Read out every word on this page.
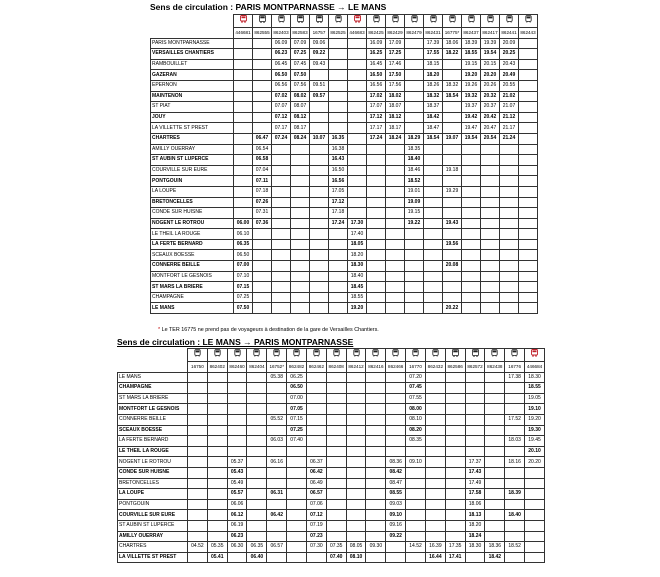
Sens de circulation : PARIS MONTPARNASSE → LE MANS

	446681	862555	862403	862583	16757	862525	446683	862425	862429	862479	862431	16775*	862437	862417	862441	862443
PARIS MONTPARNASSE			06.09	07.09	09.06			16.09	17.09		17.39	18.06	18.39	19.39	20.09	
VERSAILLES CHANTIERS			06.23	07.25	09.22			16.25	17.25		17.55	18.22	18.55	19.54	20.25	
RAMBOUILLET			06.45	07.45	09.43			16.45	17.46		18.15		19.15	20.15	20.43	
GAZERAN			06.50	07.50				16.50	17.50		18.20		19.20	20.20	20.49	
EPERNON			06.56	07.56	09.51			16.56	17.56		18.26	18.32	19.26	20.26	20.55	
MAINTENON			07.02	08.02	09.57			17.02	18.02		18.32	18.54	19.32	20.32	21.02	
ST PIAT			07.07	08.07				17.07	18.07		18.37		19.37	20.37	21.07	
JOUY			07.12	08.12				17.12	18.12		18.42		19.42	20.42	21.12	
LA VILLETTE ST PREST			07.17	08.17				17.17	18.17		18.47		19.47	20.47	21.17	
CHARTRES		06.47	07.24	08.24	10.07	16.35		17.24	18.24	18.29	18.54	19.07	19.54	20.54	21.24	
AMILLY OUERRAY		06.54				16.38				18.35						
ST AUBIN ST LUPERCE		06.58				16.43				18.40						
COURVILLE SUR EURE		07.04				16.50				18.46		19.18				
PONTGOUIN		07.11				16.56				18.52						
LA LOUPE		07.18				17.05				19.01		19.29				
BRETONCELLES		07.26				17.12				19.09						
CONDE SUR HUISNE		07.31				17.18				19.15						
NOGENT LE ROTROU	06.00	07.36				17.24	17.30			19.22		19.43				
LE THEIL LA ROUGE	06.10						17.40									
LA FERTE BERNARD	06.35						18.05					19.56				
SCEAUX BOESSE	06.50						18.20									
CONNERRE BEILLE	07.00						18.30					20.08				
MONTFORT LE GESNOIS	07.10						18.40									
ST MARS LA BRIERE	07.15						18.45									
CHAMPAGNE	07.25						18.55									
LE MANS	07.50						19.20					20.22				
* Le TER 16775 ne prend pas de voyageurs à destination de la gare de Versailles Chantiers.
Sens de circulation : LE MANS → PARIS MONTPARNASSE

	16750	862402	862460	862404	16752*	862482	862462	862408	862412	862416	862466	16770	862432	862586	862572	862438	16776	446684
LE MANS					05.38	06.25						07.20					17.38	18.30
CHAMPAGNE						06.50						07.45						18.55
ST MARS LA BRIERE						07.00						07.55						19.05
MONTFORT LE GESNOIS						07.05						08.00						19.10
CONNERRE BEILLE					05.52	07.15						08.10					17.52	19.20
SCEAUX BOESSE						07.25						08.20						19.30
LA FERTE BERNARD					06.03	07.40						08.35					18.03	19.45
LE THEIL LA ROUGE																		20.10
NOGENT LE ROTROU			05.37		06.16		06.37				08.36	09.10			17.37		18.16	20.20
CONDE SUR HUISNE			05.43				06.42				08.42				17.43			
BRETONCELLES			05.49				06.49				08.47				17.49			
LA LOUPE			05.57		06.31		06.57				08.55				17.58		18.39	
PONTGOUIN			06.06				07.06				09.03				18.06			
COURVILLE SUR EURE			06.12		06.42		07.12				09.10				18.13		18.40	
ST AUBIN ST LUPERCE			06.19				07.19				09.16				18.20			
AMILLY OUERRAY			06.23				07.23				09.22				18.24			
CHARTRES	04.52	05.35	06.30	06.35	06.57		07.30	07.35	08.05	09.30		14.52	16.39	17.35	18.30	18.36	18.52	
LA VILLETTE ST PREST		05.41		06.40				07.40	08.10				16.44	17.41		18.42		
